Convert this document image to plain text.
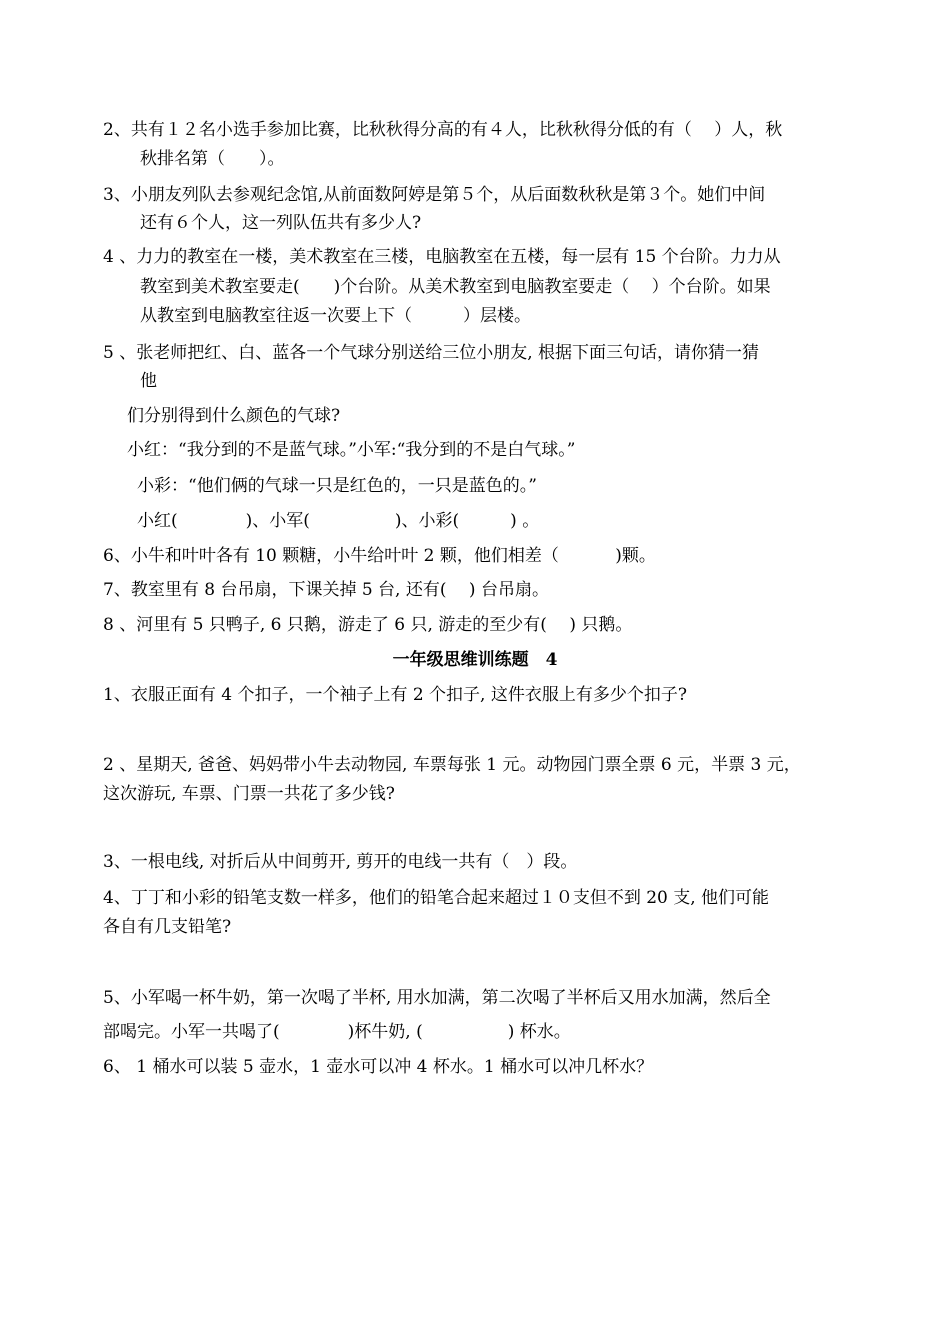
2、共有１２名小选手参加比赛，比秋秋得分高的有４人，比秋秋得分低的有（　 ）人，秋
秋排名第（　　）。
3、小朋友列队去参观纪念馆,从前面数阿婷是第５个，从后面数秋秋是第３个。她们中间
还有６个人，这一列队伍共有多少人?
4 、力力的教室在一楼，美术教室在三楼，电脑教室在五楼，每一层有 15 个台阶。力力从
教室到美术教室要走(　　)个台阶。从美术教室到电脑教室要走（　 ）个台阶。如果
从教室到电脑教室往返一次要上下（　　　）层楼。
5 、张老师把红、白、蓝各一个气球分别送给三位小朋友, 根据下面三句话，请你猜一猜
他
们分别得到什么颜色的气球?
小红：“我分到的不是蓝气球。”小军:“我分到的不是白气球。”
小彩：“他们俩的气球一只是红色的，一只是蓝色的。”
小红(　　　　)、小军(　　　　　)、小彩(　　　) 。
6、小牛和叶叶各有 10 颗糖，小牛给叶叶 2 颗，他们相差（　　　 )颗。
7、教室里有 8 台吊扇，下课关掉 5 台, 还有(　 ) 台吊扇。
8 、河里有 5 只鸭子, 6 只鹅，游走了 6 只, 游走的至少有(　 ) 只鹅。
一年级思维训练题　4
1、衣服正面有 4 个扣子，一个袖子上有 2 个扣子, 这件衣服上有多少个扣子?
2 、星期天, 爸爸、妈妈带小牛去动物园, 车票每张 1 元。动物园门票全票 6 元，半票 3 元，
这次游玩, 车票、门票一共花了多少钱?
3、一根电线, 对折后从中间剪开, 剪开的电线一共有（　）段。
4、丁丁和小彩的铅笔支数一样多，他们的铅笔合起来超过１０支但不到 20 支, 他们可能
各自有几支铅笔?
5、小军喝一杯牛奶，第一次喝了半杯, 用水加满，第二次喝了半杯后又用水加满，然后全
部喝完。小军一共喝了(　　　　)杯牛奶, (　　　　　) 杯水。
6、 1 桶水可以装 5 壶水，1 壶水可以冲 4 杯水。1 桶水可以冲几杯水？
